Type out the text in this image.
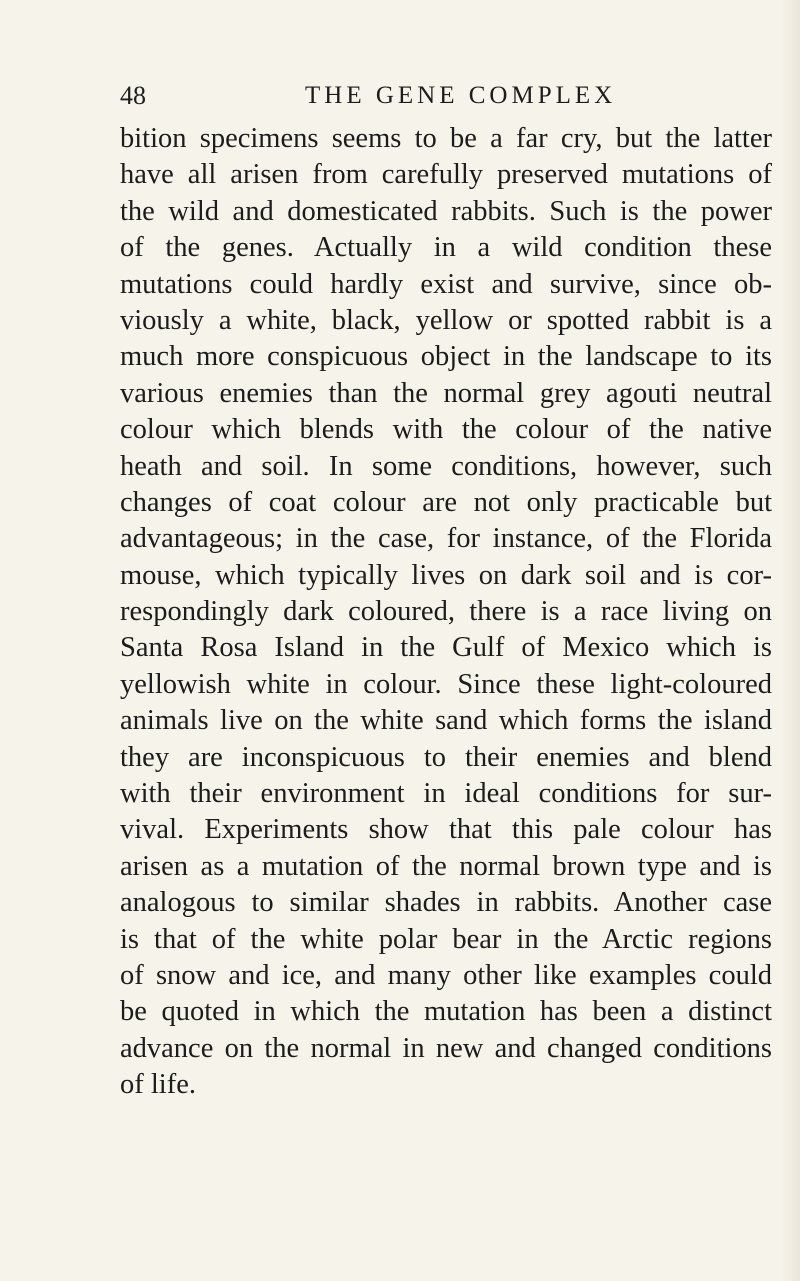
48	THE GENE COMPLEX
bition specimens seems to be a far cry, but the latter
have all arisen from carefully preserved mutations of
the wild and domesticated rabbits. Such is the power
of the genes. Actually in a wild condition these
mutations could hardly exist and survive, since ob-
viously a white, black, yellow or spotted rabbit is a
much more conspicuous object in the landscape to its
various enemies than the normal grey agouti neutral
colour which blends with the colour of the native
heath and soil. In some conditions, however, such
changes of coat colour are not only practicable but
advantageous; in the case, for instance, of the Florida
mouse, which typically lives on dark soil and is cor-
respondingly dark coloured, there is a race living on
Santa Rosa Island in the Gulf of Mexico which is
yellowish white in colour. Since these light-coloured
animals live on the white sand which forms the island
they are inconspicuous to their enemies and blend
with their environment in ideal conditions for sur-
vival. Experiments show that this pale colour has
arisen as a mutation of the normal brown type and is
analogous to similar shades in rabbits. Another case
is that of the white polar bear in the Arctic regions
of snow and ice, and many other like examples could
be quoted in which the mutation has been a distinct
advance on the normal in new and changed conditions
of life.
